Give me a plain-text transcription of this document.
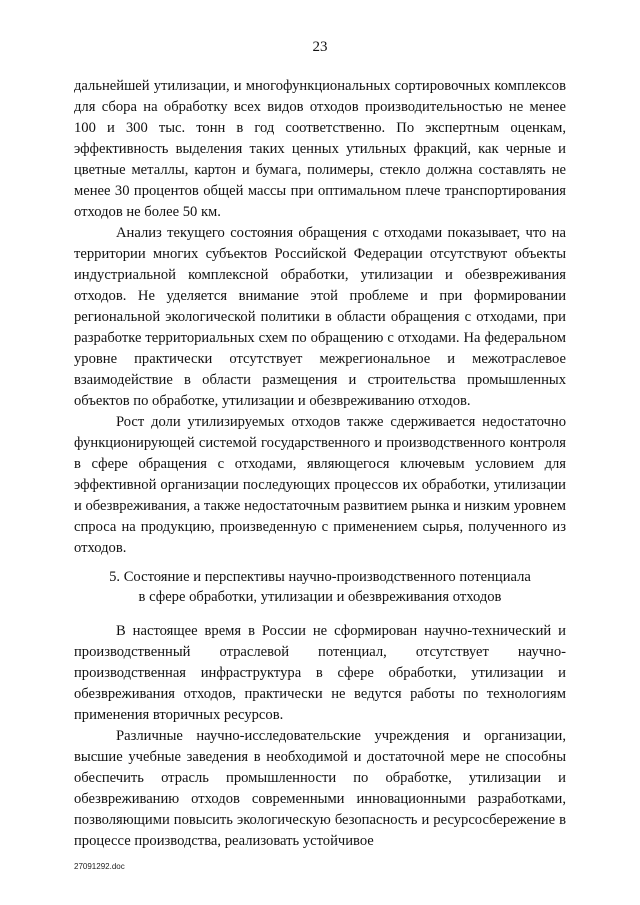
23

дальнейшей утилизации, и многофункциональных сортировочных комплексов для сбора на обработку всех видов отходов производительностью не менее 100 и 300 тыс. тонн в год соответственно. По экспертным оценкам, эффективность выделения таких ценных утильных фракций, как черные и цветные металлы, картон и бумага, полимеры, стекло должна составлять не менее 30 процентов общей массы при оптимальном плече транспортирования отходов не более 50 км.

Анализ текущего состояния обращения с отходами показывает, что на территории многих субъектов Российской Федерации отсутствуют объекты индустриальной комплексной обработки, утилизации и обезвреживания отходов. Не уделяется внимание этой проблеме и при формировании региональной экологической политики в области обращения с отходами, при разработке территориальных схем по обращению с отходами. На федеральном уровне практически отсутствует межрегиональное и межотраслевое взаимодействие в области размещения и строительства промышленных объектов по обработке, утилизации и обезвреживанию отходов.

Рост доли утилизируемых отходов также сдерживается недостаточно функционирующей системой государственного и производственного контроля в сфере обращения с отходами, являющегося ключевым условием для эффективной организации последующих процессов их обработки, утилизации и обезвреживания, а также недостаточным развитием рынка и низким уровнем спроса на продукцию, произведенную с применением сырья, полученного из отходов.

5. Состояние и перспективы научно-производственного потенциала
в сфере обработки, утилизации и обезвреживания отходов

В настоящее время в России не сформирован научно-технический и производственный отраслевой потенциал, отсутствует научно-производственная инфраструктура в сфере обработки, утилизации и обезвреживания отходов, практически не ведутся работы по технологиям применения вторичных ресурсов.

Различные научно-исследовательские учреждения и организации, высшие учебные заведения в необходимой и достаточной мере не способны обеспечить отрасль промышленности по обработке, утилизации и обезвреживанию отходов современными инновационными разработками, позволяющими повысить экологическую безопасность и ресурсосбережение в процессе производства, реализовать устойчивое

27091292.doc
